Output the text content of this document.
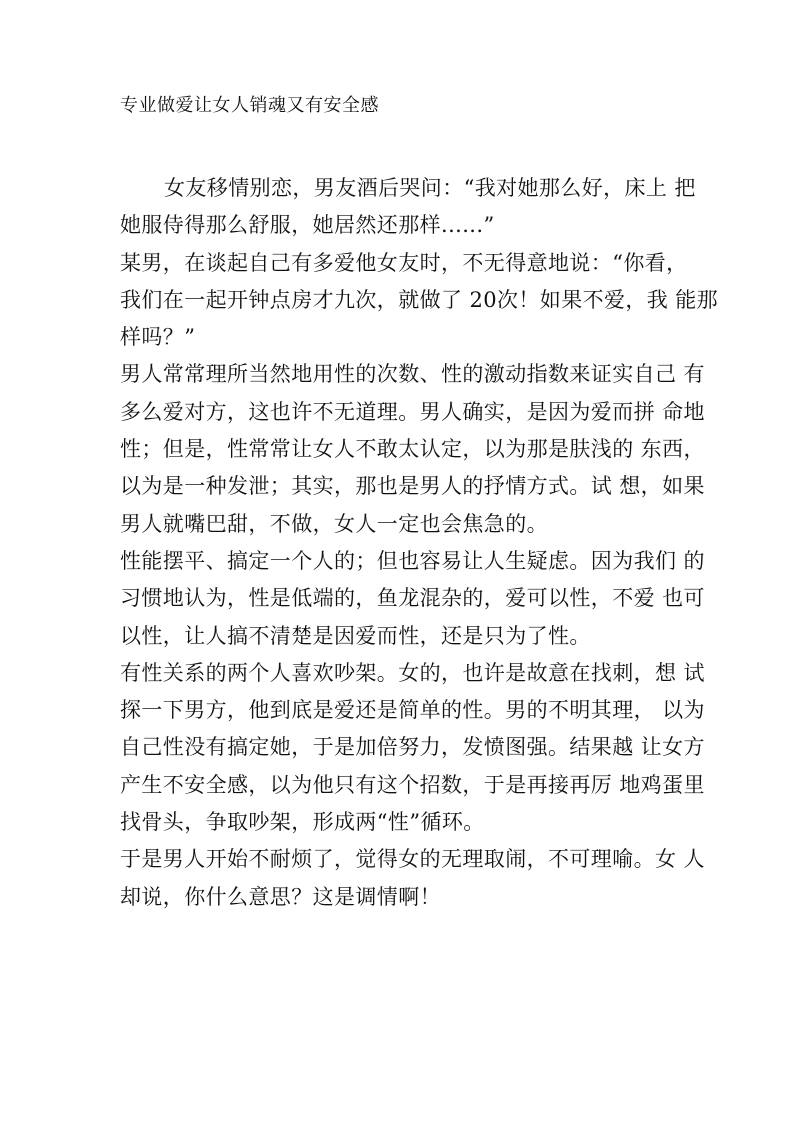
专业做爱让女人销魂又有安全感
女友移情别恋，男友酒后哭问：“我对她那么好，床上 把
她服侍得那么舒服，她居然还那样......”
某男，在谈起自己有多爱他女友时，不无得意地说：“你看，
我们在一起开钟点房才九次，就做了 20次！如果不爱，我 能那
样吗？”
男人常常理所当然地用性的次数、性的激动指数来证实自己 有
多么爱对方，这也许不无道理。男人确实，是因为爱而拼 命地
性；但是，性常常让女人不敢太认定，以为那是肤浅的 东西，
以为是一种发泄；其实，那也是男人的抒情方式。试 想，如果
男人就嘴巴甜，不做，女人一定也会焦急的。
性能摆平、搞定一个人的；但也容易让人生疑虑。因为我们 的
习惯地认为，性是低端的，鱼龙混杂的，爱可以性，不爱 也可
以性，让人搞不清楚是因爱而性，还是只为了性。
有性关系的两个人喜欢吵架。女的，也许是故意在找刺，想 试
探一下男方，他到底是爱还是简单的性。男的不明其理， 以为
自己性没有搞定她，于是加倍努力，发愤图强。结果越 让女方
产生不安全感，以为他只有这个招数，于是再接再厉 地鸡蛋里
找骨头，争取吵架，形成两“性”循环。
于是男人开始不耐烦了，觉得女的无理取闹，不可理喻。女 人
却说，你什么意思？这是调情啊！
